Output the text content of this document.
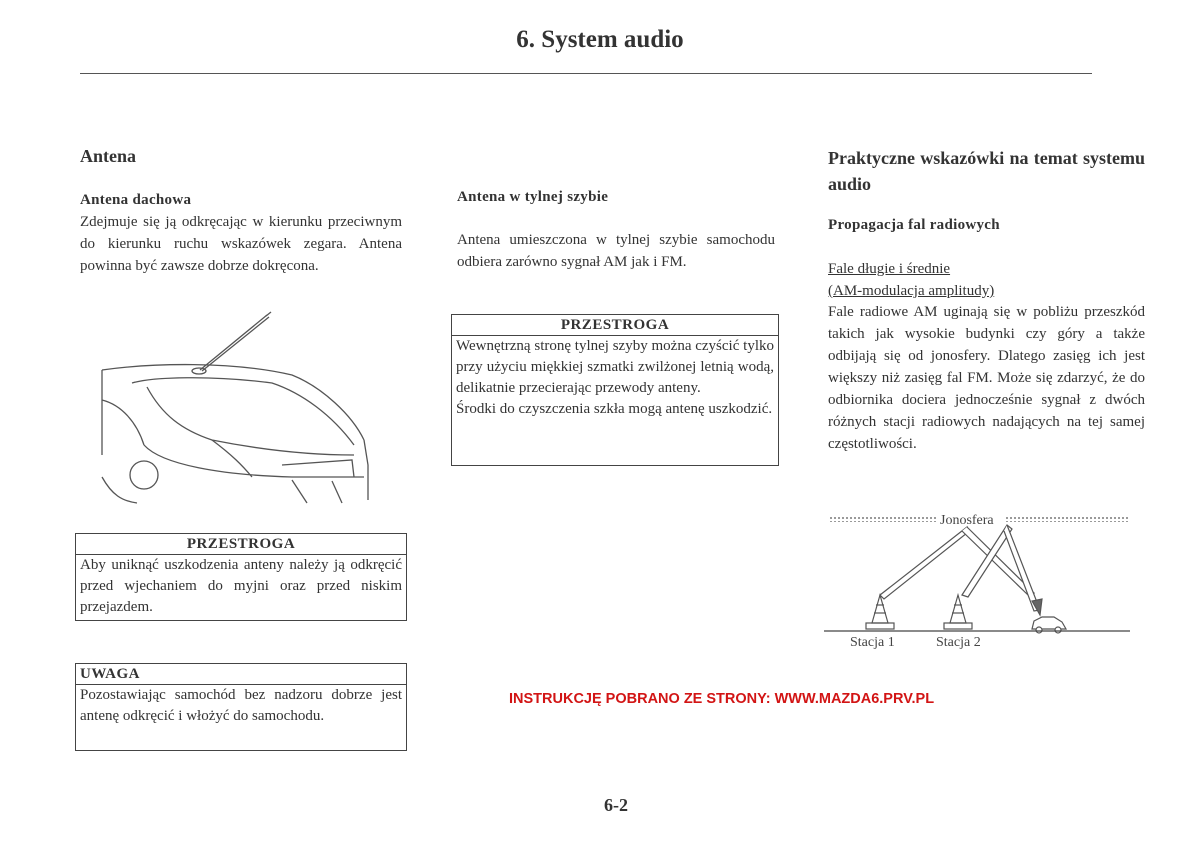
6. System audio
Antena
Antena dachowa
Zdejmuje się ją odkręcając w kierunku przeciwnym do kierunku ruchu wskazówek zegara. Antena powinna być zawsze dobrze dokręcona.
PRZESTROGA
Aby uniknąć uszkodzenia anteny należy ją odkręcić przed wjechaniem do myjni oraz przed niskim przejazdem.
UWAGA
Pozostawiając samochód bez nadzoru dobrze jest antenę odkręcić i włożyć do samochodu.
Antena w tylnej szybie
Antena umieszczona w tylnej szybie samochodu odbiera zarówno sygnał AM jak i FM.
PRZESTROGA
Wewnętrzną stronę tylnej szyby można czyścić tylko przy użyciu miękkiej szmatki zwilżonej letnią wodą, delikatnie przecierając przewody anteny.
Środki do czyszczenia szkła mogą antenę uszkodzić.
Praktyczne wskazówki na temat systemu audio
Propagacja fal radiowych
Fale długie i średnie
(AM-modulacja amplitudy)
Fale radiowe AM uginają się w pobliżu przeszkód takich jak wysokie budynki czy góry a także odbijają się od jonosfery. Dlatego zasięg ich jest większy niż zasięg fal FM. Może się zdarzyć, że do odbiornika dociera jednocześnie sygnał z dwóch różnych stacji radiowych nadających na tej samej częstotliwości.
Jonosfera
Stacja 1	Stacja 2
INSTRUKCJĘ POBRANO ZE STRONY: WWW.MAZDA6.PRV.PL
6-2
